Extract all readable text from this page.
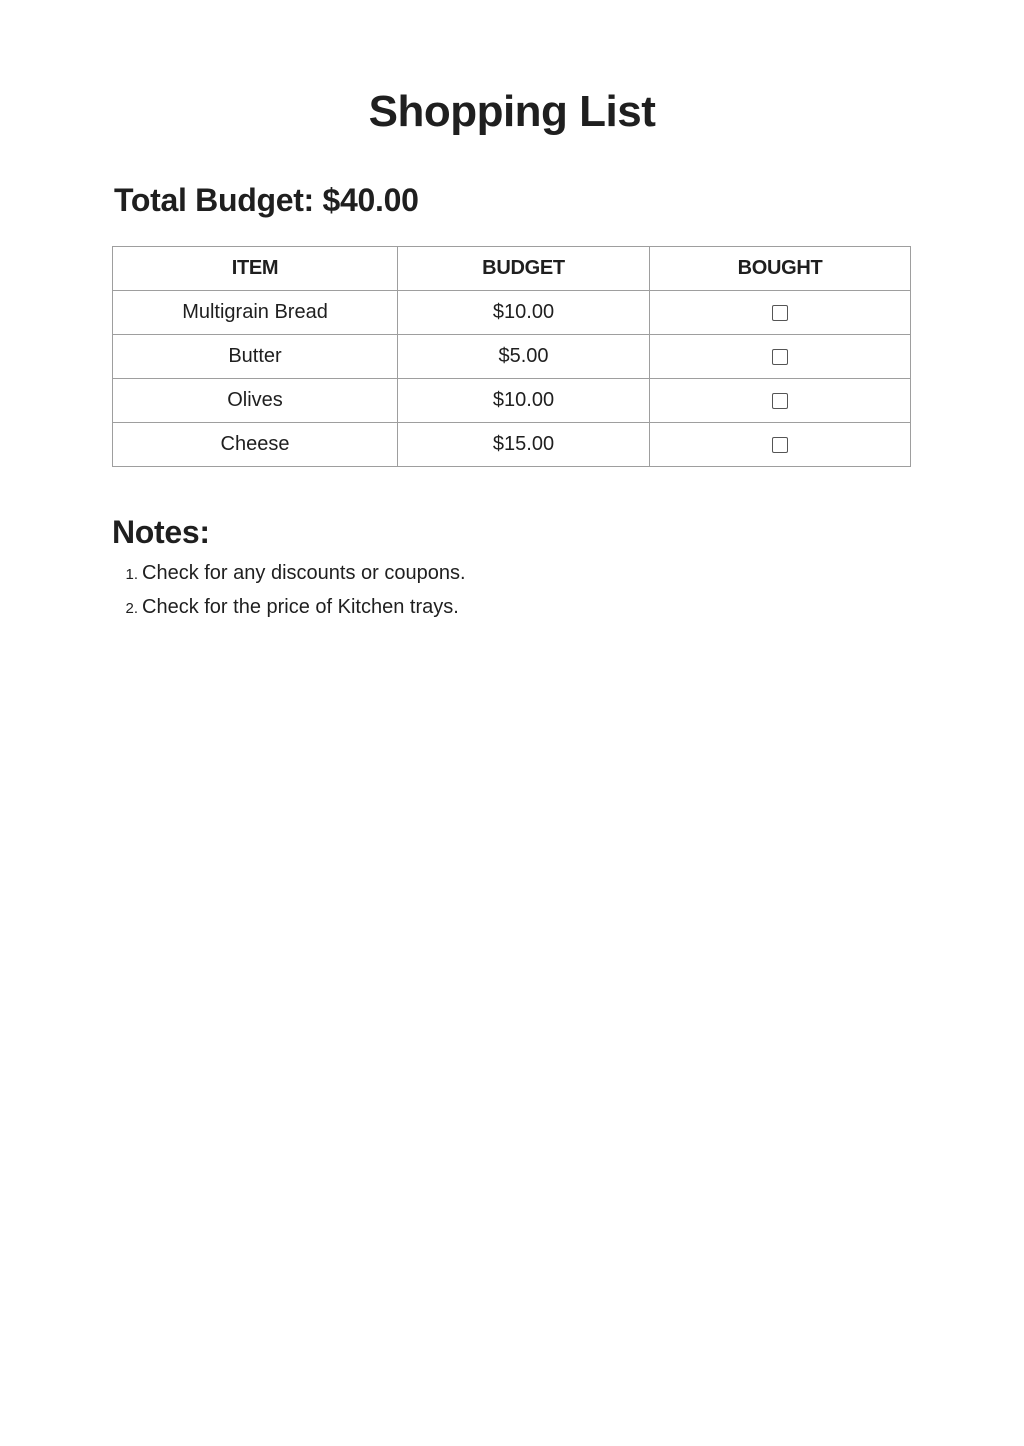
Shopping List
Total Budget: $40.00
ITEM	BUDGET	BOUGHT
Multigrain Bread	$10.00	
Butter	$5.00	
Olives	$10.00	
Cheese	$15.00	
Notes:
1. Check for any discounts or coupons.
2. Check for the price of Kitchen trays.
